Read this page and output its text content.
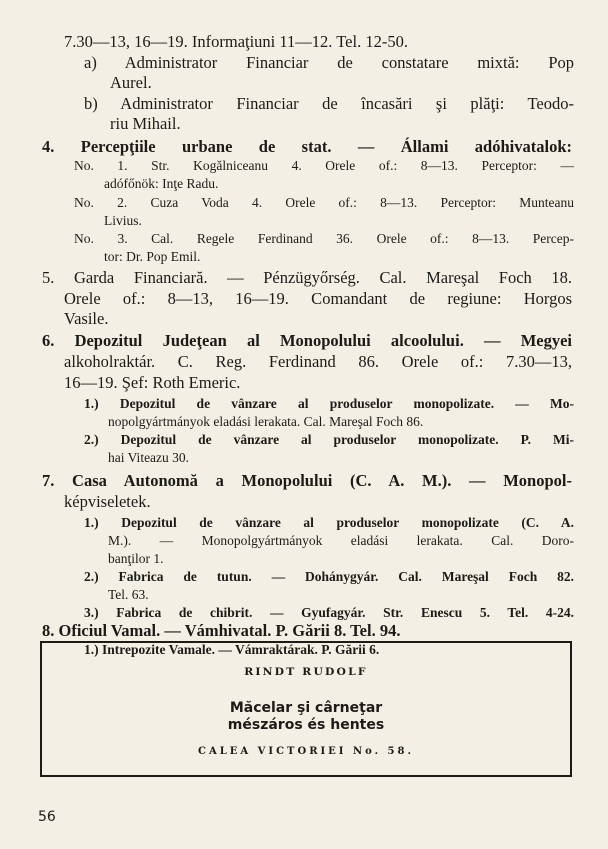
7.30—13, 16—19. Informaţiuni 11—12. Tel. 12-50.
a) Administrator Financiar de constatare mixtă: Pop
Aurel.
b) Administrator Financiar de încasări şi plăţi: Teodo-
riu Mihail.
4. Percepţiile urbane de stat. — Állami adóhivatalok:
No. 1. Str. Kogălniceanu 4. Orele of.: 8—13. Perceptor: —
adófőnök: Inţe Radu.
No. 2. Cuza Voda 4. Orele of.: 8—13. Perceptor: Munteanu
Livius.
No. 3. Cal. Regele Ferdinand 36. Orele of.: 8—13. Percep-
tor: Dr. Pop Emil.
5. Garda Financiară. — Pénzügyőrség. Cal. Mareşal Foch 18.
Orele of.: 8—13, 16—19. Comandant de regiune: Horgos
Vasile.
6. Depozitul Judeţean al Monopolului alcoolului. — Megyei
alkoholraktár. C. Reg. Ferdinand 86. Orele of.: 7.30—13,
16—19. Şef: Roth Emeric.
1.) Depozitul de vânzare al produselor monopolizate. — Mo-
nopolgyártmányok eladási lerakata. Cal. Mareşal Foch 86.
2.) Depozitul de vânzare al produselor monopolizate. P. Mi-
hai Viteazu 30.
7. Casa Autonomă a Monopolului (C. A. M.). — Monopol-
képviseletek.
1.) Depozitul de vânzare al produselor monopolizate (C. A.
M.). — Monopolgyártmányok eladási lerakata. Cal. Doro-
banţilor 1.
2.) Fabrica de tutun. — Dohánygyár. Cal. Mareşal Foch 82.
Tel. 63.
3.) Fabrica de chibrit. — Gyufagyár. Str. Enescu 5. Tel. 4-24.
8. Oficiul Vamal. — Vámhivatal. P. Gării 8. Tel. 94.
1.) Intrepozite Vamale. — Vámraktárak. P. Gării 6.
RINDT RUDOLF
Măcelar şi cârneţar
mészáros és hentes
CALEA VICTORIEI No. 58.
56
